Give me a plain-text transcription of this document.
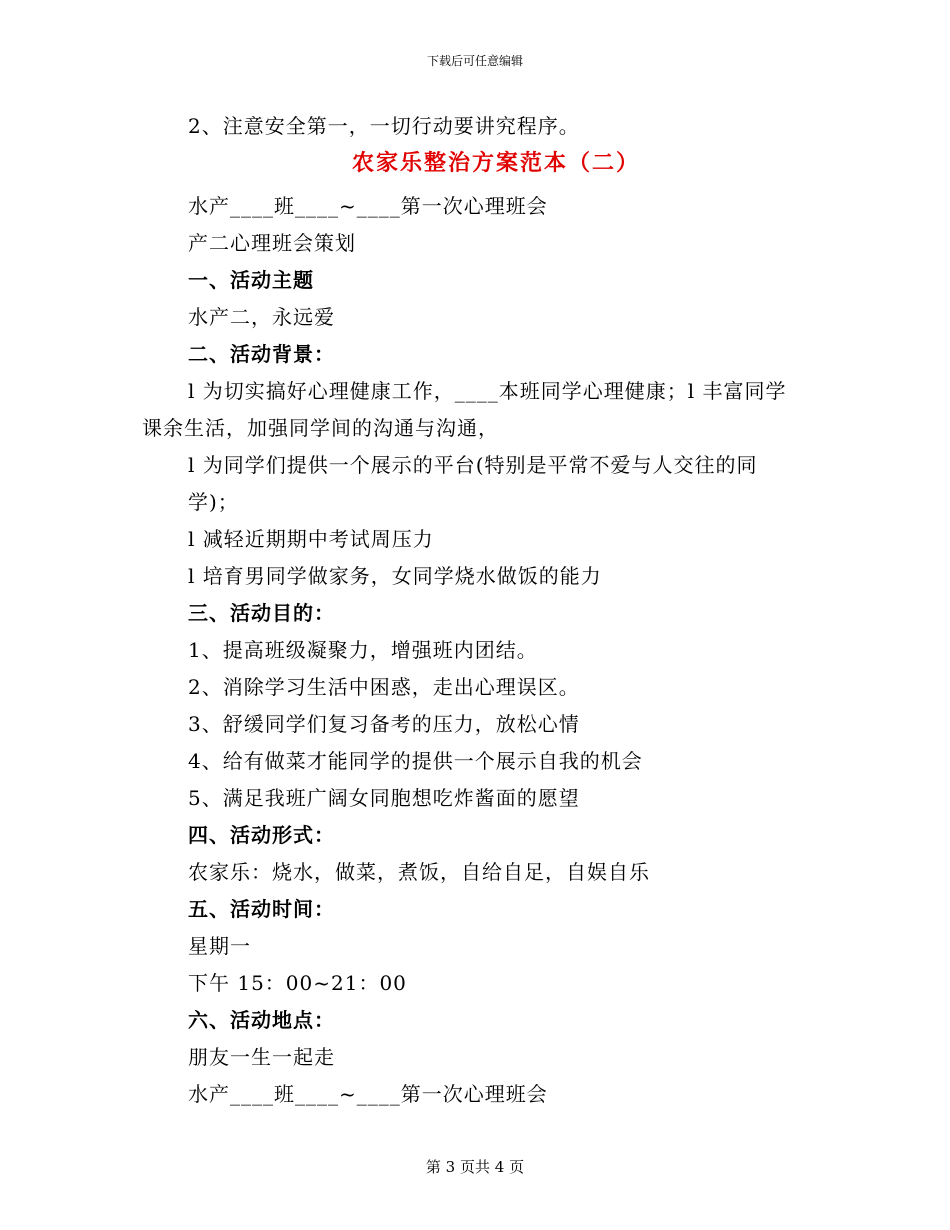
下载后可任意编辑
2、注意安全第一，一切行动要讲究程序。
农家乐整治方案范本（二）
水产____班____~____第一次心理班会
产二心理班会策划
一、活动主题
水产二，永远爱
二、活动背景：
l 为切实搞好心理健康工作，____本班同学心理健康；l 丰富同学
课余生活，加强同学间的沟通与沟通，
l 为同学们提供一个展示的平台(特别是平常不爱与人交往的同
学)；
l 减轻近期期中考试周压力
l 培育男同学做家务，女同学烧水做饭的能力
三、活动目的：
1、提高班级凝聚力，增强班内团结。
2、消除学习生活中困惑，走出心理误区。
3、舒缓同学们复习备考的压力，放松心情
4、给有做菜才能同学的提供一个展示自我的机会
5、满足我班广阔女同胞想吃炸酱面的愿望
四、活动形式：
农家乐：烧水，做菜，煮饭，自给自足，自娱自乐
五、活动时间：
星期一
下午 15：00~21：00
六、活动地点：
朋友一生一起走
水产____班____~____第一次心理班会
第 3 页共 4 页
